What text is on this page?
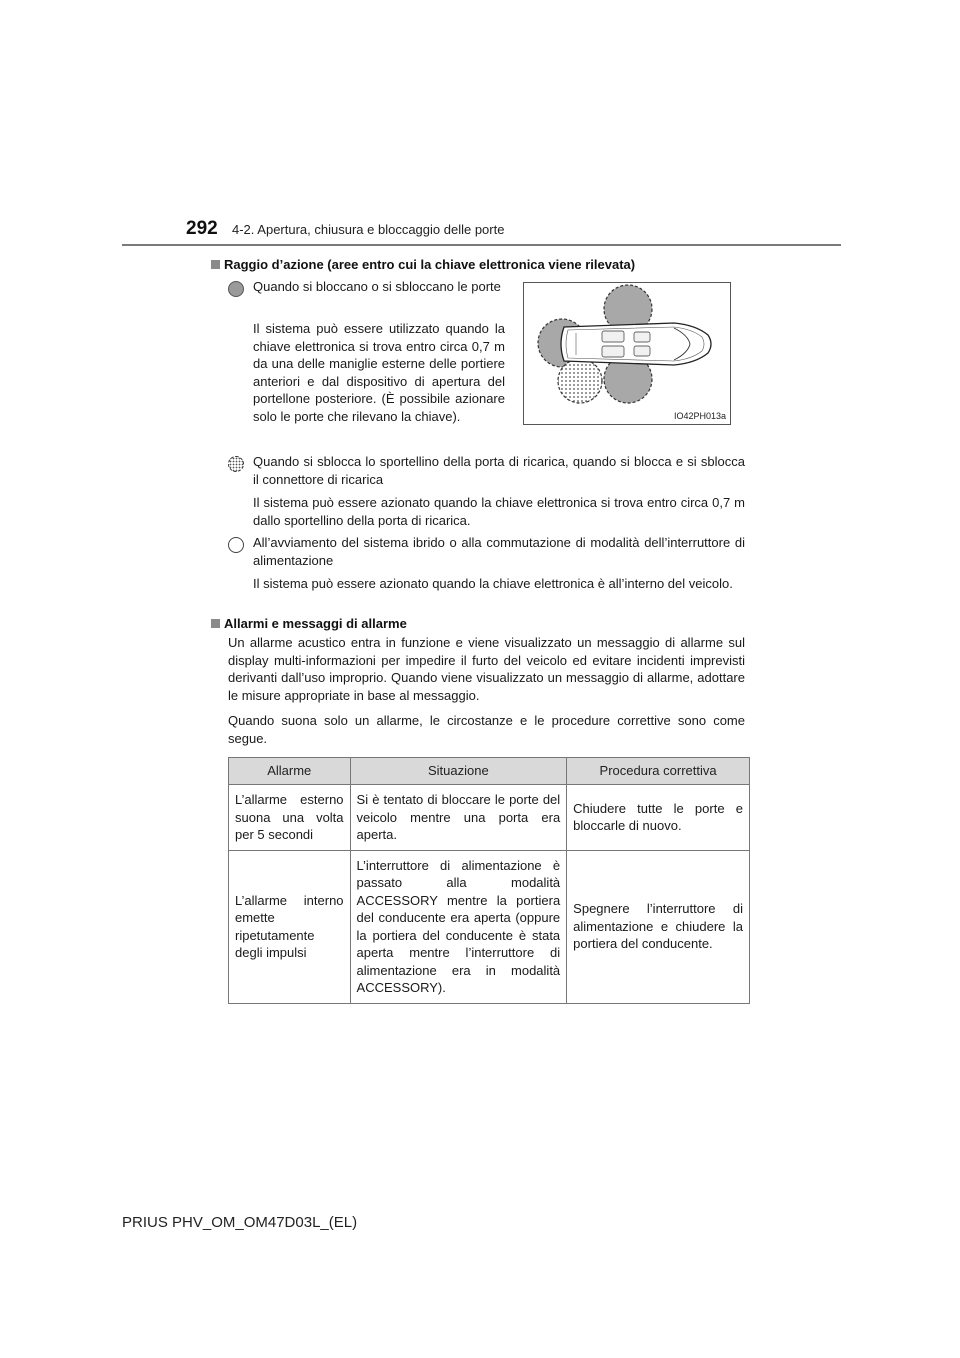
292 4-2. Apertura, chiusura e bloccaggio delle porte
Raggio d’azione (aree entro cui la chiave elettronica viene rilevata)
Quando si bloccano o si sbloccano le porte
Il sistema può essere utilizzato quando la chiave elettronica si trova entro circa 0,7 m da una delle maniglie esterne delle portiere anteriori e dal dispositivo di apertura del portellone posteriore. (È possibile azionare solo le porte che rilevano la chiave).	IO42PH013a
Quando si sblocca lo sportellino della porta di ricarica, quando si blocca e si sblocca il connettore di ricarica
Il sistema può essere azionato quando la chiave elettronica si trova entro circa 0,7 m dallo sportellino della porta di ricarica.
All’avviamento del sistema ibrido o alla commutazione di modalità dell’interruttore di alimentazione
Il sistema può essere azionato quando la chiave elettronica è all’interno del veicolo.
Allarmi e messaggi di allarme
Un allarme acustico entra in funzione e viene visualizzato un messaggio di allarme sul display multi-informazioni per impedire il furto del veicolo ed evitare incidenti imprevisti derivanti dall’uso improprio. Quando viene visualizzato un messaggio di allarme, adottare le misure appropriate in base al messaggio.
Quando suona solo un allarme, le circostanze e le procedure correttive sono come segue.
Allarme	Situazione	Procedura correttiva
L’allarme esterno suona una volta per 5 secondi	Si è tentato di bloccare le porte del veicolo mentre una porta era aperta.	Chiudere tutte le porte e bloccarle di nuovo.
L’allarme interno emette ripetutamente degli impulsi	L’interruttore di alimentazione è passato alla modalità ACCESSORY mentre la portiera del conducente era aperta (oppure la portiera del conducente è stata aperta mentre l’interruttore di alimentazione era in modalità ACCESSORY).	Spegnere l’interruttore di alimentazione e chiudere la portiera del conducente.
PRIUS PHV_OM_OM47D03L_(EL)
